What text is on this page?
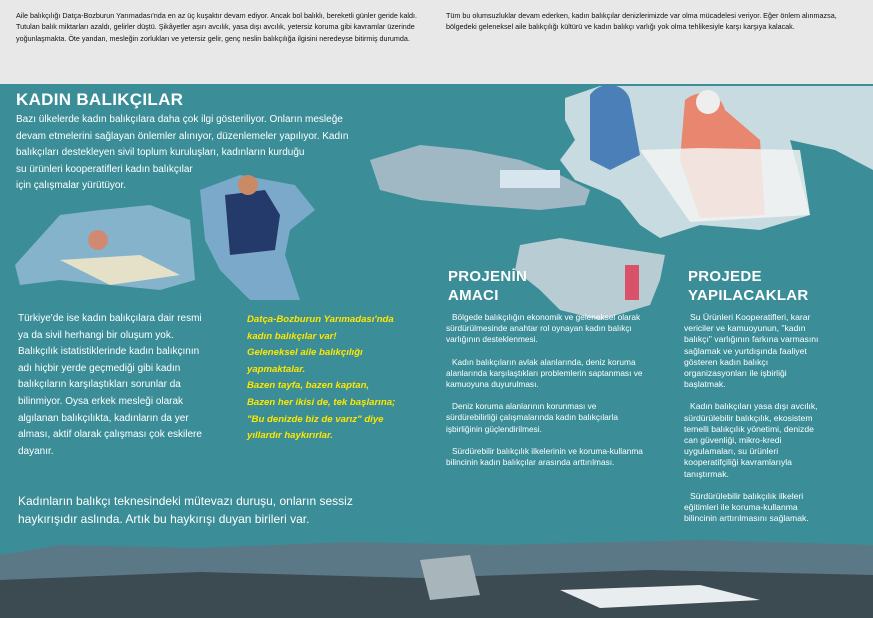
Aile balıkçılığı Datça-Bozburun Yarımadası'nda en az üç kuşaktır devam ediyor. Ancak bol balıklı, bereketli günler geride kaldı. Tutulan balık miktarları azaldı, gelirler düştü. Şikâyetler aşırı avcılık, yasa dışı avcılık, yetersiz koruma gibi kavramlar üzerinde yoğunlaşmakta. Öte yandan, mesleğin zorlukları ve yetersiz gelir, genç neslin balıkçılığa ilgisini neredeyse bitirmiş durumda.

Tüm bu olumsuzluklar devam ederken, kadın balıkçılar denizlerimizde var olma mücadelesi veriyor. Eğer önlem alınmazsa, bölgedeki geleneksel aile balıkçılığı kültürü ve kadın balıkçı varlığı yok olma tehlikesiyle karşı karşıya kalacak.

KADIN BALIKÇILAR
Bazı ülkelerde kadın balıkçılara daha çok ilgi gösteriliyor. Onların mesleğe
devam etmelerini sağlayan önlemler alınıyor, düzenlemeler yapılıyor. Kadın
balıkçıları destekleyen sivil toplum kuruluşları, kadınların kurduğu
su ürünleri kooperatifleri kadın balıkçılar
için çalışmalar yürütüyor.
Türkiye'de ise kadın balıkçılara dair resmi
ya da sivil herhangi bir oluşum yok.
Balıkçılık istatistiklerinde kadın balıkçının
adı hiçbir yerde geçmediği gibi kadın
balıkçıların karşılaştıkları sorunlar da
bilinmiyor. Oysa erkek mesleği olarak
algılanan balıkçılıkta, kadınların da yer
alması, aktif olarak çalışması çok eskilere
dayanır.
Datça-Bozburun Yarımadası'nda
kadın balıkçılar var!
Geleneksel aile balıkçılığı
yapmaktalar.
Bazen tayfa, bazen kaptan,
Bazen her ikisi de, tek başlarına;
"Bu denizde biz de varız" diye
yıllardır haykırırlar.
Kadınların balıkçı teknesindeki mütevazı duruşu, onların sessiz
haykırışıdır aslında. Artık bu haykırışı duyan birileri var.
PROJENİN
AMACI
Bölgede balıkçılığın ekonomik ve geleneksel olarak
sürdürülmesinde anahtar rol oynayan kadın balıkçı
varlığının desteklenmesi.
Kadın balıkçıların avlak alanlarında, deniz koruma
alanlarında karşılaştıkları problemlerin saptanması ve
kamuoyuna duyurulması.
Deniz koruma alanlarının korunması ve
sürdürebilirliği çalışmalarında kadın balıkçılarla
işbirliğinin güçlendirilmesi.
Sürdürebilir balıkçılık ilkelerinin ve koruma-kullanma
bilincinin kadın balıkçılar arasında arttırılması.
PROJEDE
YAPILACAKLAR
Su Ürünleri Kooperatifleri, karar
vericiler ve kamuoyunun, "kadın
balıkçı" varlığının farkına varmasını
sağlamak ve yurtdışında faaliyet
gösteren kadın balıkçı
organizasyonları ile işbirliği
başlatmak.
Kadın balıkçıları yasa dışı avcılık,
sürdürülebilir balıkçılık, ekosistem
temelli balıkçılık yönetimi, denizde
can güvenliği, mikro-kredi
uygulamaları, su ürünleri
kooperatifçiliği kavramlarıyla
tanıştırmak.
Sürdürülebilir balıkçılık ilkeleri
eğitimleri ile koruma-kullanma
bilincinin arttırılmasını sağlamak.
